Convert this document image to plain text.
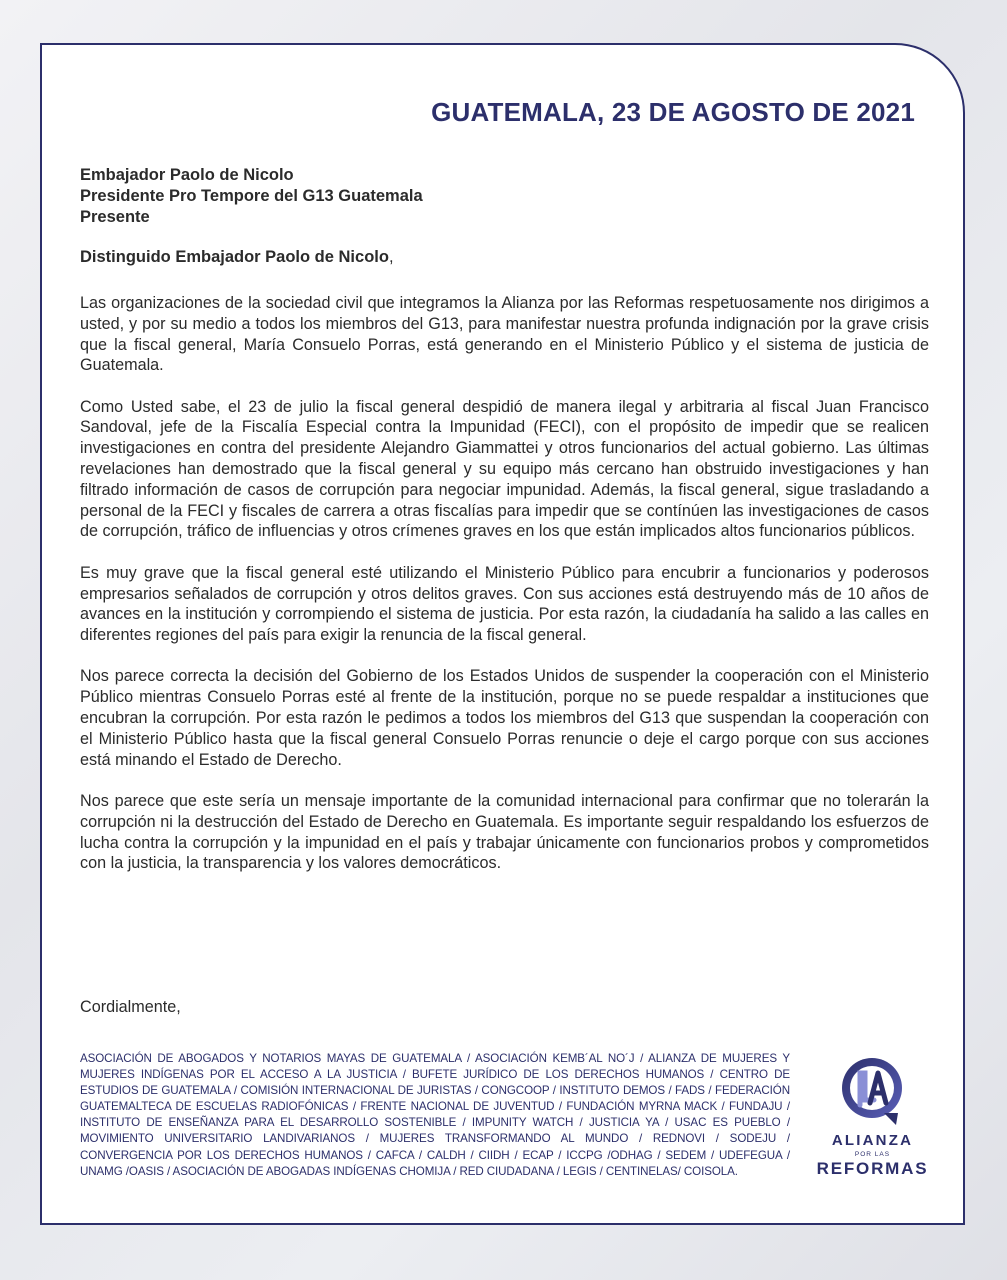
GUATEMALA, 23 DE AGOSTO DE 2021
Embajador Paolo de Nicolo
Presidente Pro Tempore del G13 Guatemala
Presente
Distinguido Embajador Paolo de Nicolo,

Las organizaciones de la sociedad civil que integramos la Alianza por las Reformas respetuosamente nos dirigimos a usted, y por su medio a todos los miembros del G13, para manifestar nuestra profunda indignación por la grave crisis que la fiscal general, María Consuelo Porras, está generando en el Ministerio Público y el sistema de justicia de Guatemala.

Como Usted sabe, el 23 de julio la fiscal general despidió de manera ilegal y arbitraria al fiscal Juan Francisco Sandoval, jefe de la Fiscalía Especial contra la Impunidad (FECI), con el propósito de impedir que se realicen investigaciones en contra del presidente Alejandro Giammattei y otros funcionarios del actual gobierno. Las últimas revelaciones han demostrado que la fiscal general y su equipo más cercano han obstruido investigaciones y han filtrado información de casos de corrupción para negociar impunidad. Además, la fiscal general, sigue trasladando a personal de la FECI y fiscales de carrera a otras fiscalías para impedir que se contínúen las investigaciones de casos de corrupción, tráfico de influencias y otros crímenes graves en los que están implicados altos funcionarios públicos.

Es muy grave que la fiscal general esté utilizando el Ministerio Público para encubrir a funcionarios y poderosos empresarios señalados de corrupción y otros delitos graves. Con sus acciones está destruyendo más de 10 años de avances en la institución y corrompiendo el sistema de justicia. Por esta razón, la ciudadanía ha salido a las calles en diferentes regiones del país para exigir la renuncia de la fiscal general.

Nos parece correcta la decisión del Gobierno de los Estados Unidos de suspender la cooperación con el Ministerio Público mientras Consuelo Porras esté al frente de la institución, porque no se puede respaldar a instituciones que encubran la corrupción. Por esta razón le pedimos a todos los miembros del G13 que suspendan la cooperación con el Ministerio Público hasta que la fiscal general Consuelo Porras renuncie o deje el cargo porque con sus acciones está minando el Estado de Derecho.

Nos parece que este sería un mensaje importante de la comunidad internacional para confirmar que no tolerarán la corrupción ni la destrucción del Estado de Derecho en Guatemala. Es importante seguir respaldando los esfuerzos de lucha contra la corrupción y la impunidad en el país y trabajar únicamente con funcionarios probos y comprometidos con la justicia, la transparencia y los valores democráticos.

Cordialmente,
ASOCIACIÓN DE ABOGADOS Y NOTARIOS MAYAS DE GUATEMALA / ASOCIACIÓN KEMB´AL NO´J / ALIANZA DE MUJERES Y MUJERES INDÍGENAS POR EL ACCESO A LA JUSTICIA / BUFETE JURÍDICO DE LOS DERECHOS HUMANOS / CENTRO DE ESTUDIOS DE GUATEMALA / COMISIÓN INTERNACIONAL DE JURISTAS / CONGCOOP / INSTITUTO DEMOS / FADS / FEDERACIÓN GUATEMALTECA DE ESCUELAS RADIOFÓNICAS / FRENTE NACIONAL DE JUVENTUD / FUNDACIÓN MYRNA MACK / FUNDAJU / INSTITUTO DE ENSEÑANZA PARA EL DESARROLLO SOSTENIBLE / IMPUNITY WATCH / JUSTICIA YA / USAC ES PUEBLO / MOVIMIENTO UNIVERSITARIO LANDIVARIANOS / MUJERES TRANSFORMANDO AL MUNDO / REDNOVI / SODEJU / CONVERGENCIA POR LOS DERECHOS HUMANOS / CAFCA / CALDH / CIIDH / ECAP / ICCPG /ODHAG / SEDEM / UDEFEGUA / UNAMG /OASIS / ASOCIACIÓN DE ABOGADAS INDÍGENAS CHOMIJA / RED CIUDADANA / LEGIS / CENTINELAS/ COISOLA.
ALIANZA
POR LAS
REFORMAS
